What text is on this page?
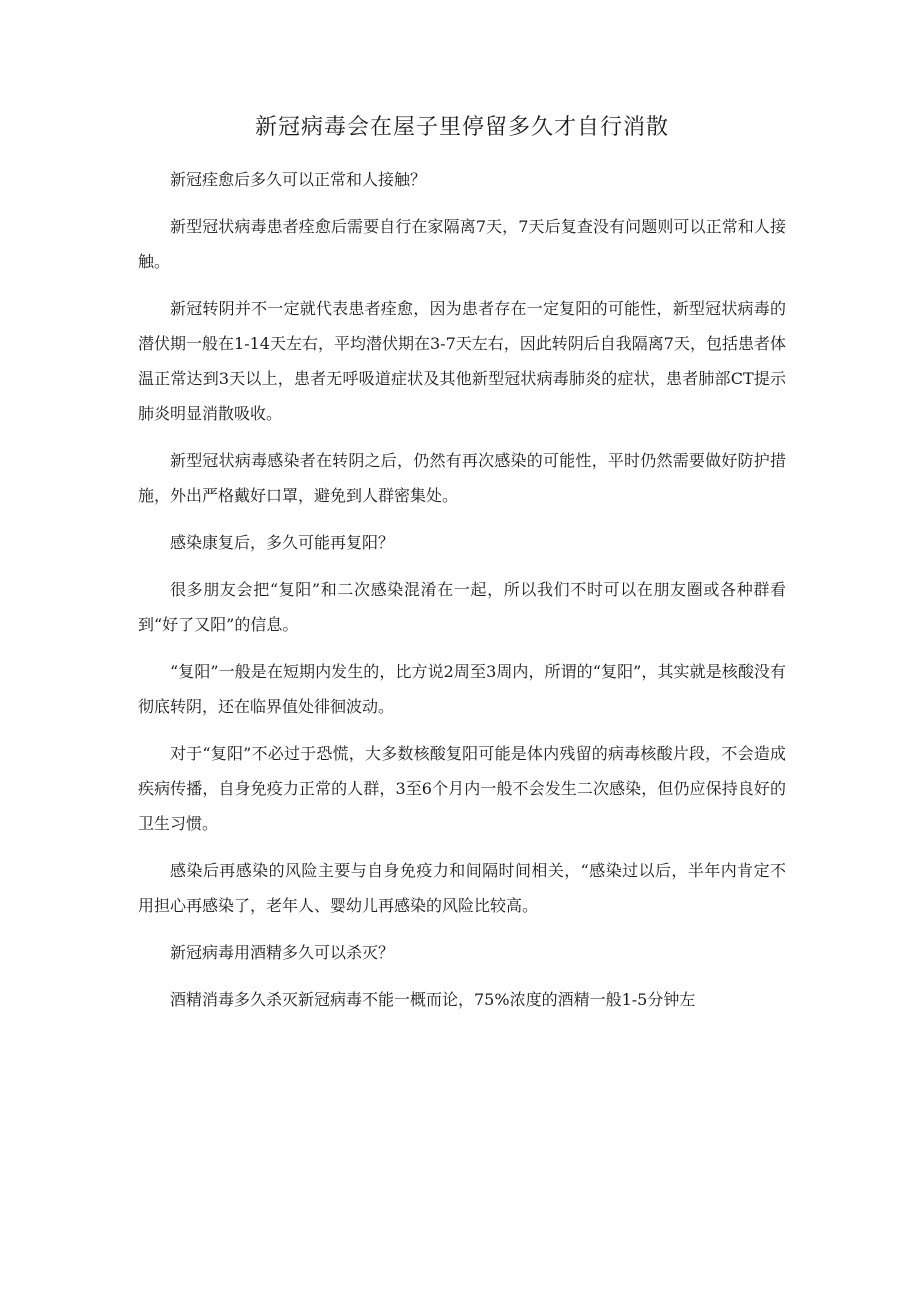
新冠病毒会在屋子里停留多久才自行消散

新冠痊愈后多久可以正常和人接触？

新型冠状病毒患者痊愈后需要自行在家隔离7天，7天后复查没有问题则可以正常和人接触。

新冠转阴并不一定就代表患者痊愈，因为患者存在一定复阳的可能性，新型冠状病毒的潜伏期一般在1-14天左右，平均潜伏期在3-7天左右，因此转阴后自我隔离7天，包括患者体温正常达到3天以上，患者无呼吸道症状及其他新型冠状病毒肺炎的症状，患者肺部CT提示肺炎明显消散吸收。

新型冠状病毒感染者在转阴之后，仍然有再次感染的可能性，平时仍然需要做好防护措施，外出严格戴好口罩，避免到人群密集处。

感染康复后，多久可能再复阳？

很多朋友会把“复阳”和二次感染混淆在一起，所以我们不时可以在朋友圈或各种群看到“好了又阳”的信息。

“复阳”一般是在短期内发生的，比方说2周至3周内，所谓的“复阳”，其实就是核酸没有彻底转阴，还在临界值处徘徊波动。

对于“复阳”不必过于恐慌，大多数核酸复阳可能是体内残留的病毒核酸片段，不会造成疾病传播，自身免疫力正常的人群，3至6个月内一般不会发生二次感染，但仍应保持良好的卫生习惯。

感染后再感染的风险主要与自身免疫力和间隔时间相关，“感染过以后，半年内肯定不用担心再感染了，老年人、婴幼儿再感染的风险比较高。

新冠病毒用酒精多久可以杀灭？

酒精消毒多久杀灭新冠病毒不能一概而论，75%浓度的酒精一般1-5分钟左
